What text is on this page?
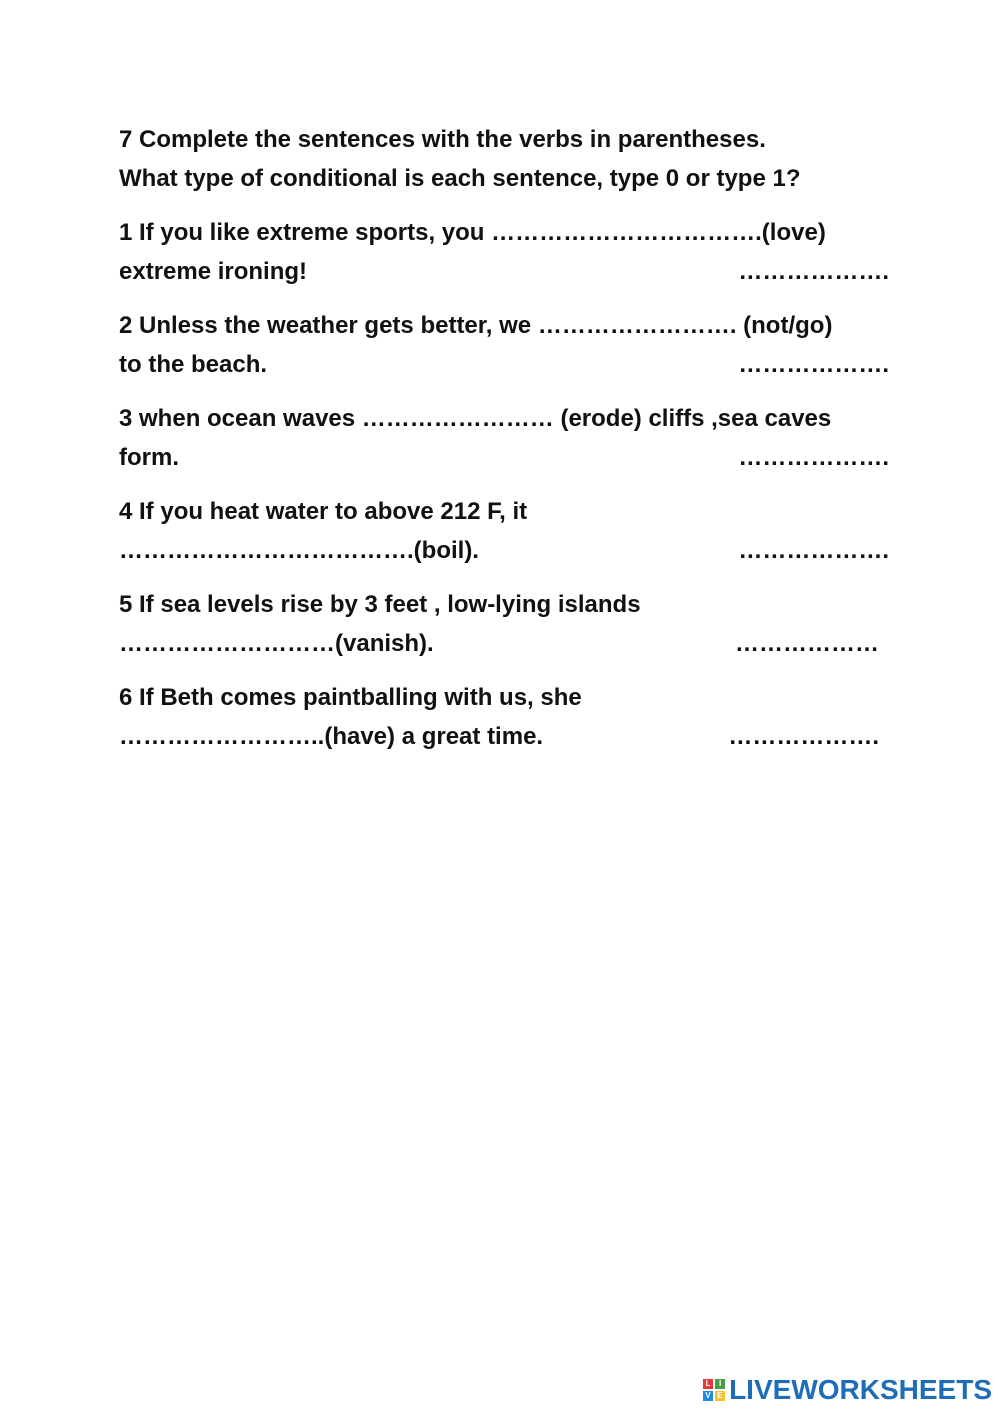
7 Complete the sentences with the verbs in parentheses.
What type of conditional is each sentence, type 0 or type 1?
1 If you like extreme sports, you …………………………….(love)
extreme ironing!	……………….
2 Unless the weather gets better, we ……………………. (not/go)
to the beach.	……………….
3 when ocean waves …………………… (erode) cliffs ,sea caves
form.	……………….
4 If you heat water to above 212 F, it
……………………………….(boil).	……………….
5 If sea levels rise by 3 feet , low-lying islands
………………………(vanish).	………………
6 If Beth comes paintballing with us, she
……………………..(have) a great time.	……………….
L	I
V E LIVEWORKSHEETS
